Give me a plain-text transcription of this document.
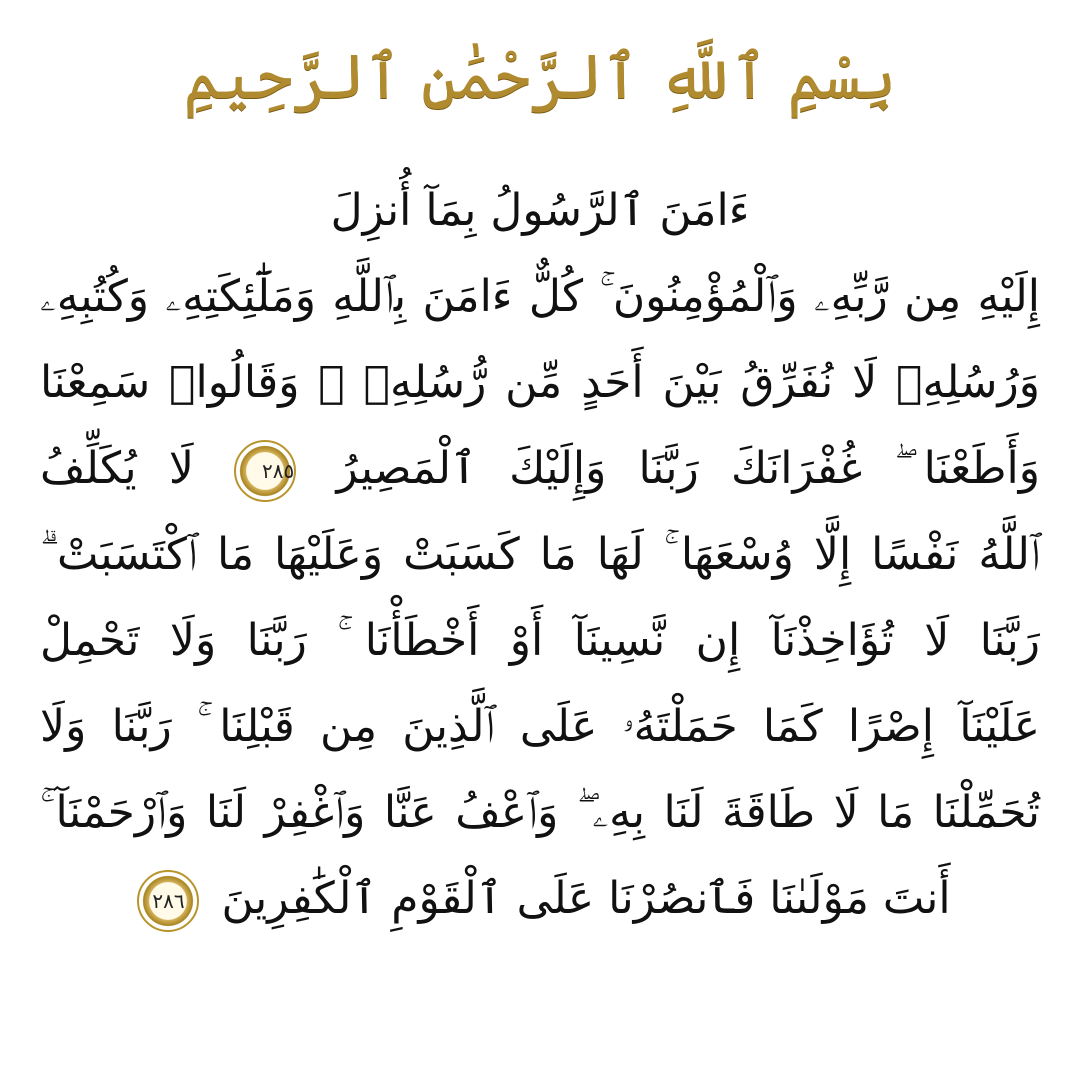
بِسْمِ ٱللَّهِ ٱلرَّحْمَٰنِ ٱلرَّحِيمِ
ءَامَنَ ٱلرَّسُولُ بِمَآ أُنزِلَ
إِلَيْهِ مِن رَّبِّهِۦ وَٱلْمُؤْمِنُونَ ۚ كُلٌّ ءَامَنَ بِٱللَّهِ وَمَلَٰٓئِكَتِهِۦ وَكُتُبِهِۦ
وَرُسُلِهِۦ لَا نُفَرِّقُ بَيْنَ أَحَدٍ مِّن رُّسُلِهِۦ ۚ وَقَالُوا۟ سَمِعْنَا
وَأَطَعْنَا ۖ غُفْرَانَكَ رَبَّنَا وَإِلَيْكَ ٱلْمَصِيرُ ٢٨٥ لَا يُكَلِّفُ
ٱللَّهُ نَفْسًا إِلَّا وُسْعَهَا ۚ لَهَا مَا كَسَبَتْ وَعَلَيْهَا مَا ٱكْتَسَبَتْ ۗ
رَبَّنَا لَا تُؤَاخِذْنَآ إِن نَّسِينَآ أَوْ أَخْطَأْنَا ۚ رَبَّنَا وَلَا تَحْمِلْ
عَلَيْنَآ إِصْرًا كَمَا حَمَلْتَهُۥ عَلَى ٱلَّذِينَ مِن قَبْلِنَا ۚ رَبَّنَا وَلَا
تُحَمِّلْنَا مَا لَا طَاقَةَ لَنَا بِهِۦ ۖ وَٱعْفُ عَنَّا وَٱغْفِرْ لَنَا وَٱرْحَمْنَآ ۚ
أَنتَ مَوْلَىٰنَا فَٱنصُرْنَا عَلَى ٱلْقَوْمِ ٱلْكَٰفِرِينَ ٢٨٦
